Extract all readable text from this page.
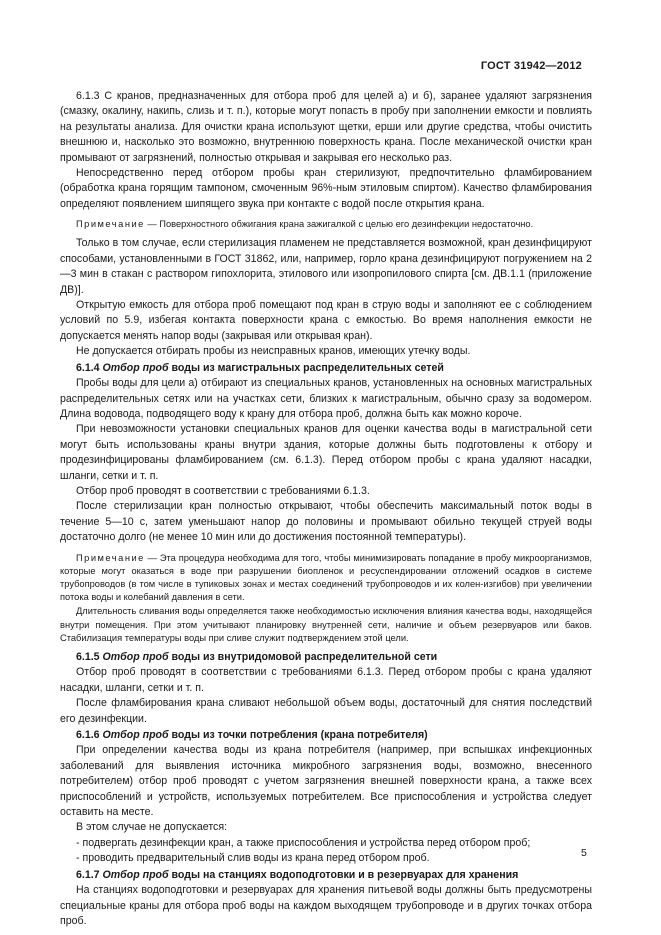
ГОСТ 31942—2012

6.1.3 С кранов, предназначенных для отбора проб для целей а) и б), заранее удаляют загрязнения (смазку, окалину, накипь, слизь и т. п.), которые могут попасть в пробу при заполнении емкости и повлиять на результаты анализа. Для очистки крана используют щетки, ерши или другие средства, чтобы очистить внешнюю и, насколько это возможно, внутреннюю поверхность крана. После механической очистки кран промывают от загрязнений, полностью открывая и закрывая его несколько раз.

Непосредственно перед отбором пробы кран стерилизуют, предпочтительно фламбированием (обработка крана горящим тампоном, смоченным 96%-ным этиловым спиртом). Качество фламбирования определяют появлением шипящего звука при контакте с водой после открытия крана.

Примечание — Поверхностного обжигания крана зажигалкой с целью его дезинфекции недостаточно.

Только в том случае, если стерилизация пламенем не представляется возможной, кран дезинфицируют способами, установленными в ГОСТ 31862, или, например, горло крана дезинфицируют погружением на 2—3 мин в стакан с раствором гипохлорита, этилового или изопропилового спирта [см. ДВ.1.1 (приложение ДВ)].

Открытую емкость для отбора проб помещают под кран в струю воды и заполняют ее с соблюдением условий по 5.9, избегая контакта поверхности крана с емкостью. Во время наполнения емкости не допускается менять напор воды (закрывая или открывая кран).

Не допускается отбирать пробы из неисправных кранов, имеющих утечку воды.

6.1.4 Отбор проб воды из магистральных распределительных сетей

Пробы воды для цели а) отбирают из специальных кранов, установленных на основных магистральных распределительных сетях или на участках сети, близких к магистральным, обычно сразу за водомером. Длина водовода, подводящего воду к крану для отбора проб, должна быть как можно короче.

При невозможности установки специальных кранов для оценки качества воды в магистральной сети могут быть использованы краны внутри здания, которые должны быть подготовлены к отбору и продезинфицированы фламбированием (см. 6.1.3). Перед отбором пробы с крана удаляют насадки, шланги, сетки и т. п.

Отбор проб проводят в соответствии с требованиями 6.1.3.

После стерилизации кран полностью открывают, чтобы обеспечить максимальный поток воды в течение 5—10 с, затем уменьшают напор до половины и промывают обильно текущей струей воды достаточно долго (не менее 10 мин или до достижения постоянной температуры).

Примечание — Эта процедура необходима для того, чтобы минимизировать попадание в пробу микроорганизмов, которые могут оказаться в воде при разрушении биопленок и ресуспендировании отложений осадков в системе трубопроводов (в том числе в тупиковых зонах и местах соединений трубопроводов и их колен-изгибов) при увеличении потока воды и колебаний давления в сети.
Длительность сливания воды определяется также необходимостью исключения влияния качества воды, находящейся внутри помещения. При этом учитывают планировку внутренней сети, наличие и объем резервуаров или баков. Стабилизация температуры воды при сливе служит подтверждением этой цели.

6.1.5 Отбор проб воды из внутридомовой распределительной сети

Отбор проб проводят в соответствии с требованиями 6.1.3. Перед отбором пробы с крана удаляют насадки, шланги, сетки и т. п.

После фламбирования крана сливают небольшой объем воды, достаточный для снятия последствий его дезинфекции.

6.1.6 Отбор проб воды из точки потребления (крана потребителя)

При определении качества воды из крана потребителя (например, при вспышках инфекционных заболеваний для выявления источника микробного загрязнения воды, возможно, внесенного потребителем) отбор проб проводят с учетом загрязнения внешней поверхности крана, а также всех приспособлений и устройств, используемых потребителем. Все приспособления и устройства следует оставить на месте.

В этом случае не допускается:

- подвергать дезинфекции кран, а также приспособления и устройства перед отбором проб;

- проводить предварительный слив воды из крана перед отбором проб.

6.1.7 Отбор проб воды на станциях водоподготовки и в резервуарах для хранения

На станциях водоподготовки и резервуарах для хранения питьевой воды должны быть предусмотрены специальные краны для отбора проб воды на каждом выходящем трубопроводе и в других точках отбора проб.

5
